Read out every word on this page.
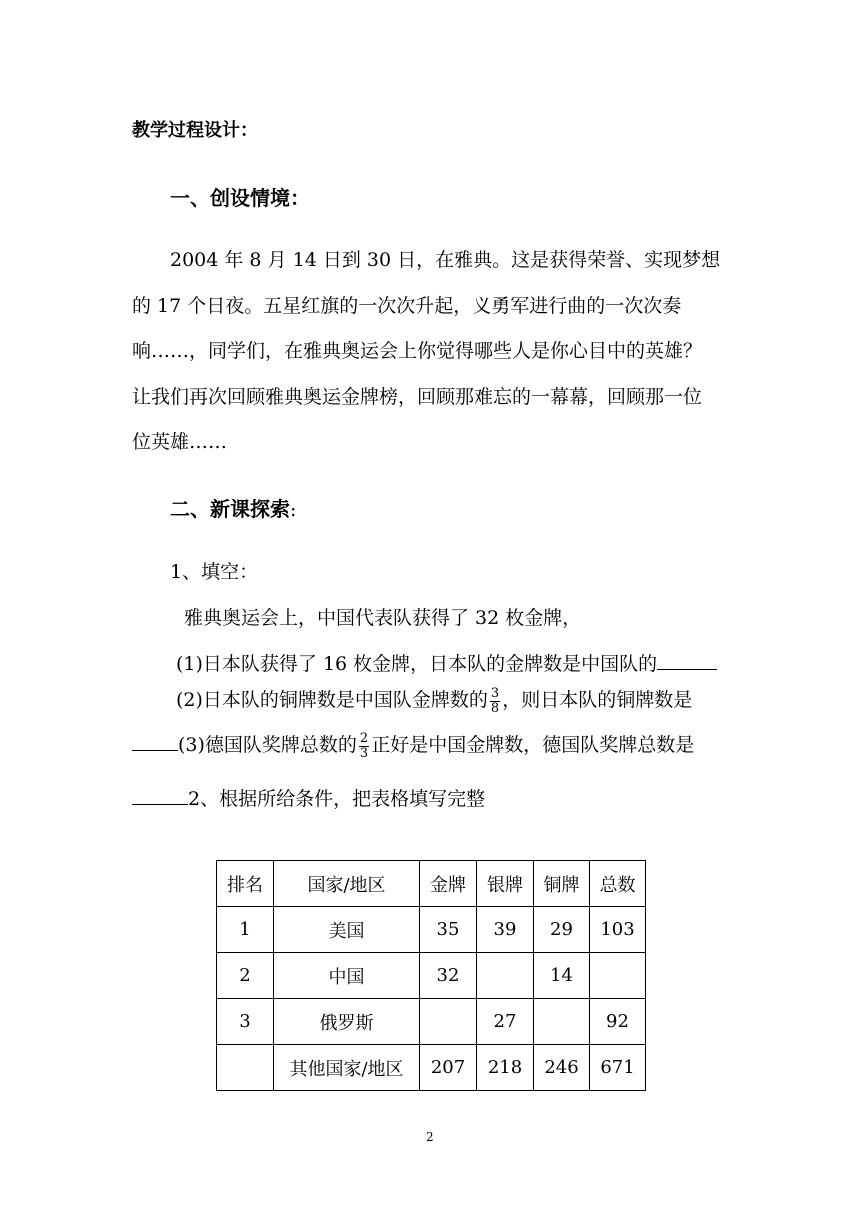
教学过程设计：
一、创设情境：
2004 年 8 月 14 日到 30 日，在雅典。这是获得荣誉、实现梦想
的 17 个日夜。五星红旗的一次次升起，义勇军进行曲的一次次奏
响……，同学们，在雅典奥运会上你觉得哪些人是你心目中的英雄？
让我们再次回顾雅典奥运金牌榜，回顾那难忘的一幕幕，回顾那一位
位英雄……
二、新课探索:
1、填空：
雅典奥运会上，中国代表队获得了 32 枚金牌，
(1)日本队获得了 16 枚金牌，日本队的金牌数是中国队的
(2)日本队的铜牌数是中国队金牌数的 $\frac{3}{8}$ ，则日本队的铜牌数是
(3)德国队奖牌总数的 $\frac{2}{3}$ 正好是中国金牌数，德国队奖牌总数是
2、根据所给条件，把表格填写完整
排名	国家/地区	金牌	银牌	铜牌	总数
1	美国	35	39	29	103
2	中国	32		14	
3	俄罗斯		27		92
	其他国家/地区	207	218	246	671
2
